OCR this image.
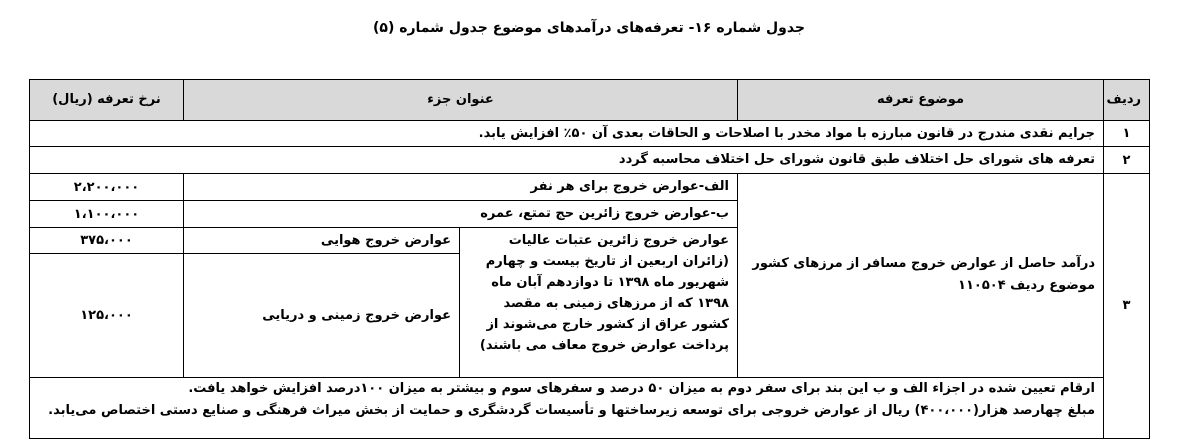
جدول شماره ۱۶- تعرفه‌های درآمدهای موضوع جدول شماره (۵)
ردیف	موضوع تعرفه	عنوان جزء		نرخ تعرفه (ریال)
۱	جرایم نقدی مندرج در قانون مبارزه با مواد مخدر با اصلاحات و الحاقات بعدی آن ۵۰٪ افزایش یابد.			
۲	تعرفه های شورای حل اختلاف طبق قانون شورای حل اختلاف محاسبه گردد			
۳	درآمد حاصل از عوارض خروج مسافر از مرزهای کشور موضوع ردیف ۱۱۰۵۰۴	الف-عوارض خروج برای هر نفر		۲،۲۰۰،۰۰۰
		ب-عوارض خروج زائرین حج تمتع، عمره		۱،۱۰۰،۰۰۰
		عوارض خروج زائرین عتبات عالیات (زائران اربعین از تاریخ بیست و چهارم شهریور ماه ۱۳۹۸ تا دوازدهم آبان ماه ۱۳۹۸ که از مرزهای زمینی به مقصد کشور عراق از کشور خارج می‌شوند از پرداخت عوارض خروج معاف می باشند)	عوارض خروج هوایی	۳۷۵،۰۰۰
			عوارض خروج زمینی و دریایی	۱۲۵،۰۰۰

	ارقام تعیین شده در اجزاء الف و ب این بند برای سفر دوم به میزان ۵۰ درصد و سفرهای سوم و بیشتر به میزان ۱۰۰درصد افزایش خواهد یافت.
مبلغ چهارصد هزار(۴۰۰،۰۰۰) ریال از عوارض خروجی برای توسعه زیرساختها و تأسیسات گردشگری و حمایت از بخش میراث فرهنگی و صنایع دستی اختصاص می‌یابد.			
